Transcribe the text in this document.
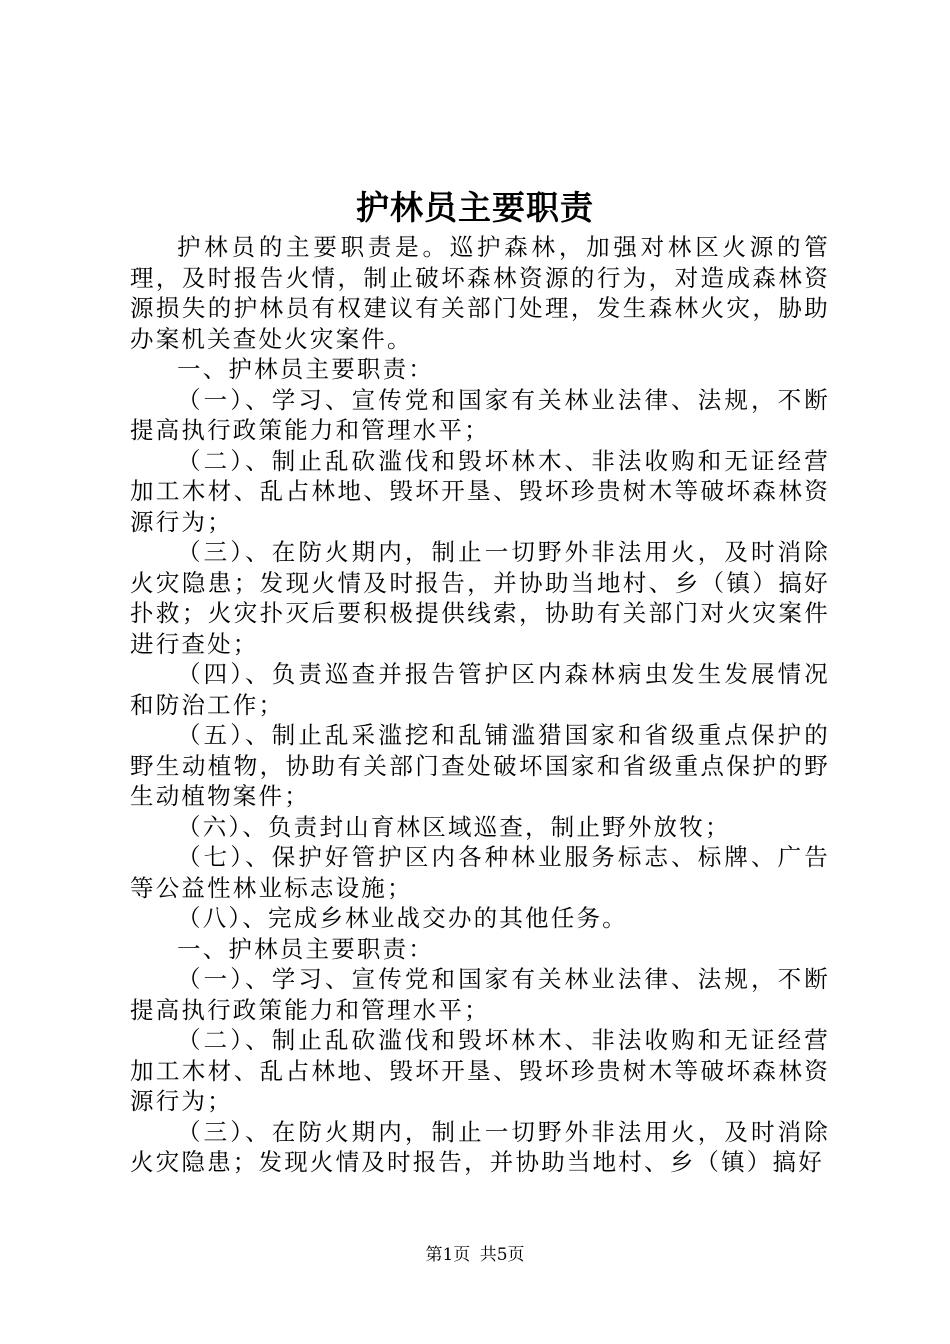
护林员主要职责

护林员的主要职责是。巡护森林，加强对林区火源的管理，及时报告火情，制止破坏森林资源的行为，对造成森林资源损失的护林员有权建议有关部门处理，发生森林火灾，胁助办案机关查处火灾案件。

一、护林员主要职责：

（一）、学习、宣传党和国家有关林业法律、法规，不断提高执行政策能力和管理水平；

（二）、制止乱砍滥伐和毁坏林木、非法收购和无证经营加工木材、乱占林地、毁坏开垦、毁坏珍贵树木等破坏森林资源行为；

（三）、在防火期内，制止一切野外非法用火，及时消除火灾隐患；发现火情及时报告，并协助当地村、乡（镇）搞好扑救；火灾扑灭后要积极提供线索，协助有关部门对火灾案件进行查处；

（四）、负责巡查并报告管护区内森林病虫发生发展情况和防治工作；

（五）、制止乱采滥挖和乱铺滥猎国家和省级重点保护的野生动植物，协助有关部门查处破坏国家和省级重点保护的野生动植物案件；

（六）、负责封山育林区域巡查，制止野外放牧；

（七）、保护好管护区内各种林业服务标志、标牌、广告等公益性林业标志设施；

（八）、完成乡林业战交办的其他任务。

一、护林员主要职责：

（一）、学习、宣传党和国家有关林业法律、法规，不断提高执行政策能力和管理水平；

（二）、制止乱砍滥伐和毁坏林木、非法收购和无证经营加工木材、乱占林地、毁坏开垦、毁坏珍贵树木等破坏森林资源行为；

（三）、在防火期内，制止一切野外非法用火，及时消除火灾隐患；发现火情及时报告，并协助当地村、乡（镇）搞好

第1页 共5页
